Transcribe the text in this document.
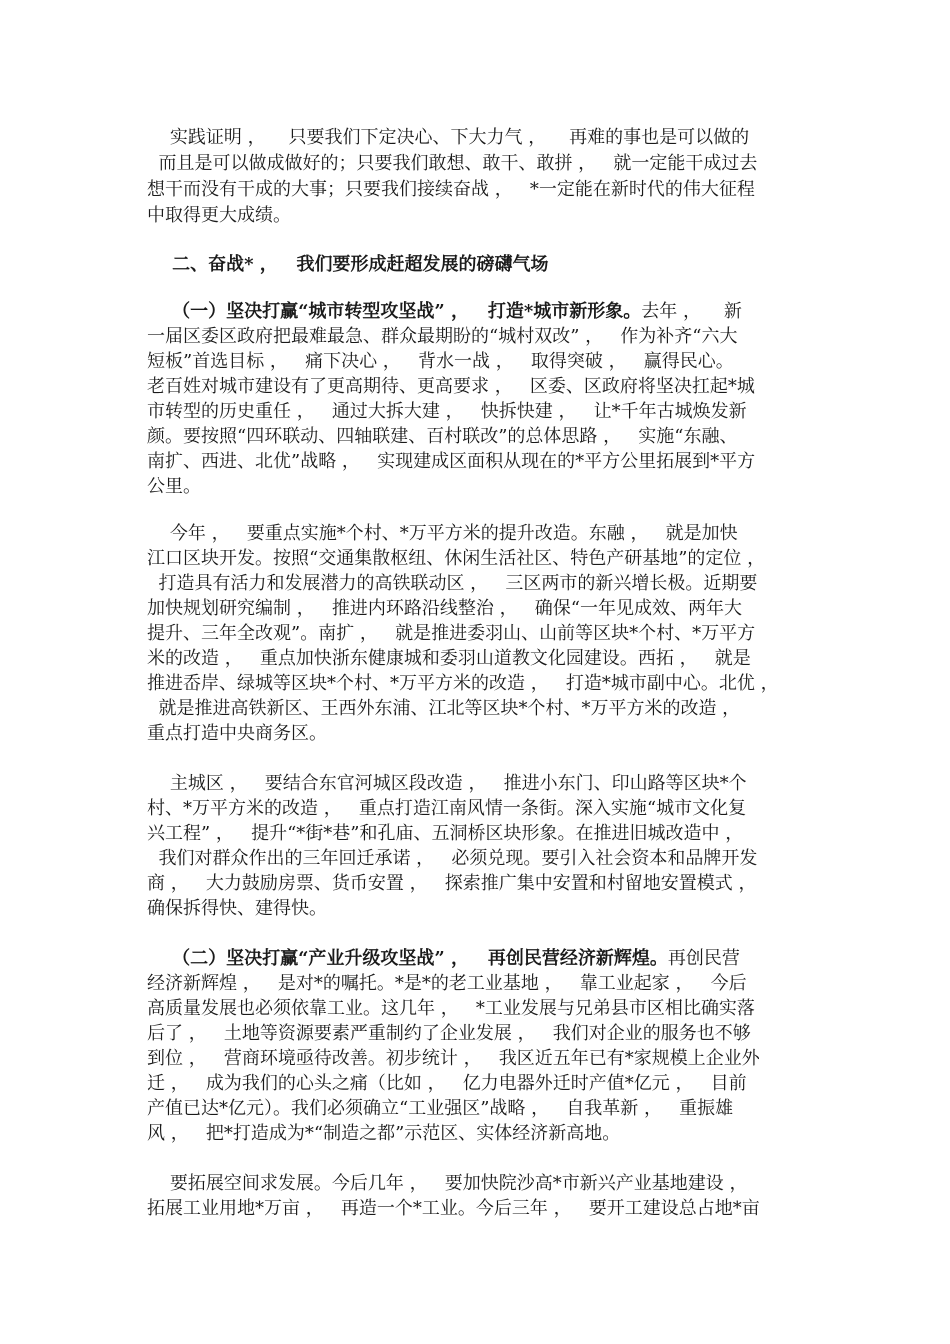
实践证明 ，    只要我们下定决心、下大力气 ，    再难的事也是可以做的
而且是可以做成做好的；只要我们敢想、敢干、敢拼 ，   就一定能干成过去
想干而没有干成的大事；只要我们接续奋战 ，   *一定能在新时代的伟大征程
中取得更大成绩。
二、奋战* ，   我们要形成赶超发展的磅礴气场
（一）坚决打赢“城市转型攻坚战” ，   打造*城市新形象。去年 ，    新
一届区委区政府把最难最急、群众最期盼的“城村双改” ，   作为补齐“六大
短板”首选目标 ，   痛下决心 ，   背水一战 ，   取得突破 ，   赢得民心。
老百姓对城市建设有了更高期待、更高要求 ，   区委、区政府将坚决扛起*城
市转型的历史重任 ，   通过大拆大建 ，   快拆快建 ，   让*千年古城焕发新
颜。要按照“四环联动、四轴联建、百村联改”的总体思路 ，   实施“东融、
南扩、西进、北优”战略 ，   实现建成区面积从现在的*平方公里拓展到*平方
公里。
今年 ，   要重点实施*个村、*万平方米的提升改造。东融 ，   就是加快
江口区块开发。按照“交通集散枢纽、休闲生活社区、特色产研基地”的定位 ，
打造具有活力和发展潜力的高铁联动区 ，   三区两市的新兴增长极。近期要
加快规划研究编制 ，   推进内环路沿线整治 ，   确保“一年见成效、两年大
提升、三年全改观”。南扩 ，   就是推进委羽山、山前等区块*个村、*万平方
米的改造 ，   重点加快浙东健康城和委羽山道教文化园建设。西拓 ，   就是
推进岙岸、绿城等区块*个村、*万平方米的改造 ，   打造*城市副中心。北优 ，
就是推进高铁新区、王西外东浦、江北等区块*个村、*万平方米的改造 ，
重点打造中央商务区。
主城区 ，   要结合东官河城区段改造 ，   推进小东门、印山路等区块*个
村、*万平方米的改造 ，   重点打造江南风情一条街。深入实施“城市文化复
兴工程” ，   提升“*街*巷”和孔庙、五洞桥区块形象。在推进旧城改造中 ，
我们对群众作出的三年回迁承诺 ，   必须兑现。要引入社会资本和品牌开发
商 ，   大力鼓励房票、货币安置 ，   探索推广集中安置和村留地安置模式 ，
确保拆得快、建得快。
（二）坚决打赢“产业升级攻坚战” ，   再创民营经济新辉煌。再创民营
经济新辉煌 ，   是对*的嘱托。*是*的老工业基地 ，   靠工业起家 ，   今后
高质量发展也必须依靠工业。这几年 ，   *工业发展与兄弟县市区相比确实落
后了 ，   土地等资源要素严重制约了企业发展 ，   我们对企业的服务也不够
到位 ，   营商环境亟待改善。初步统计 ，   我区近五年已有*家规模上企业外
迁 ，   成为我们的心头之痛（比如 ，   亿力电器外迁时产值*亿元 ，   目前
产值已达*亿元）。我们必须确立“工业强区”战略 ，   自我革新 ，   重振雄
风 ，   把*打造成为*“制造之都”示范区、实体经济新高地。
要拓展空间求发展。今后几年 ，   要加快院沙高*市新兴产业基地建设 ，
拓展工业用地*万亩 ，   再造一个*工业。今后三年 ，   要开工建设总占地*亩
